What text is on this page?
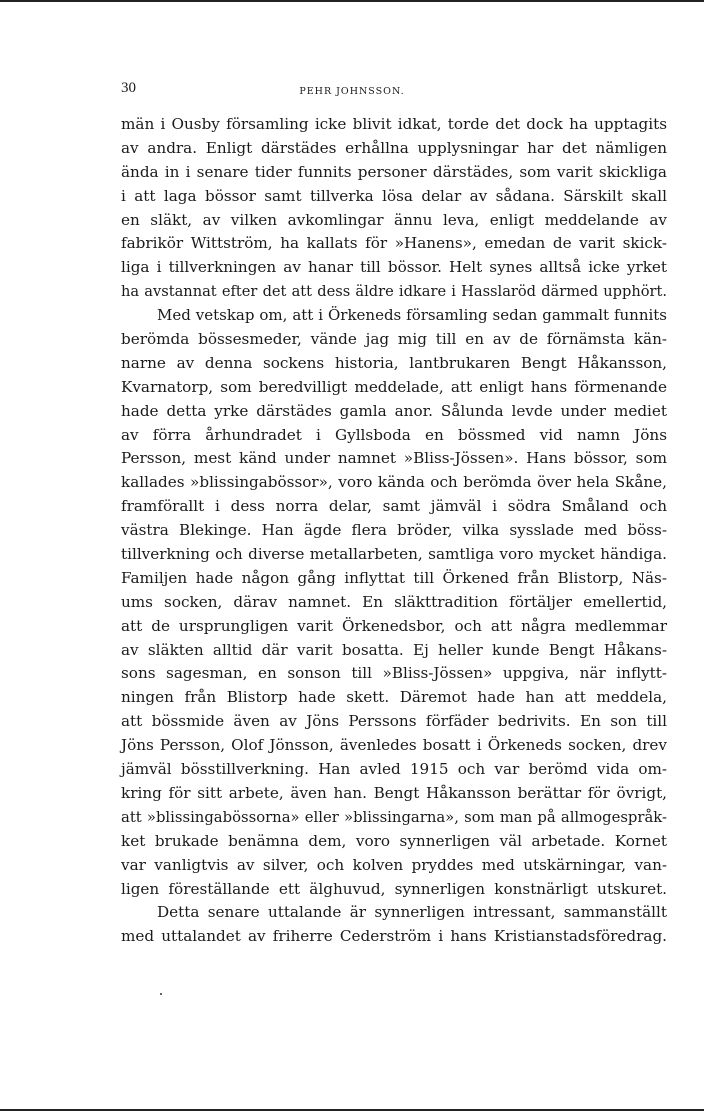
30	PEHR JOHNSSON.
män i Ousby församling icke blivit idkat, torde det dock ha upptagits
av andra. Enligt därstädes erhållna upplysningar har det nämligen
ända in i senare tider funnits personer därstädes, som varit skickliga
i att laga bössor samt tillverka lösa delar av sådana. Särskilt skall
en släkt, av vilken avkomlingar ännu leva, enligt meddelande av
fabrikör Wittström, ha kallats för »Hanens», emedan de varit skick-
liga i tillverkningen av hanar till bössor. Helt synes alltså icke yrket
ha avstannat efter det att dess äldre idkare i Hasslaröd därmed upphört.
Med vetskap om, att i Örkeneds församling sedan gammalt funnits
berömda bössesmeder, vände jag mig till en av de förnämsta kän-
narne av denna sockens historia, lantbrukaren Bengt Håkansson,
Kvarnatorp, som beredvilligt meddelade, att enligt hans förmenande
hade detta yrke därstädes gamla anor. Sålunda levde under mediet
av förra århundradet i Gyllsboda en bössmed vid namn Jöns
Persson, mest känd under namnet »Bliss-Jössen». Hans bössor, som
kallades »blissingabössor», voro kända och berömda över hela Skåne,
framförallt i dess norra delar, samt jämväl i södra Småland och
västra Blekinge. Han ägde flera bröder, vilka sysslade med böss-
tillverkning och diverse metallarbeten, samtliga voro mycket händiga.
Familjen hade någon gång inflyttat till Örkened från Blistorp, Näs-
ums socken, därav namnet. En släkttradition förtäljer emellertid,
att de ursprungligen varit Örkenedsbor, och att några medlemmar
av släkten alltid där varit bosatta. Ej heller kunde Bengt Håkans-
sons sagesman, en sonson till »Bliss-Jössen» uppgiva, när inflytt-
ningen från Blistorp hade skett. Däremot hade han att meddela,
att bössmide även av Jöns Perssons förfäder bedrivits. En son till
Jöns Persson, Olof Jönsson, ävenledes bosatt i Örkeneds socken, drev
jämväl bösstillverkning. Han avled 1915 och var berömd vida om-
kring för sitt arbete, även han. Bengt Håkansson berättar för övrigt,
att »blissingabössorna» eller »blissingarna», som man på allmogespråk-
ket brukade benämna dem, voro synnerligen väl arbetade. Kornet
var vanligtvis av silver, och kolven pryddes med utskärningar, van-
ligen föreställande ett älghuvud, synnerligen konstnärligt utskuret.
Detta senare uttalande är synnerligen intressant, sammanställt
med uttalandet av friherre Cederström i hans Kristianstadsföredrag.
